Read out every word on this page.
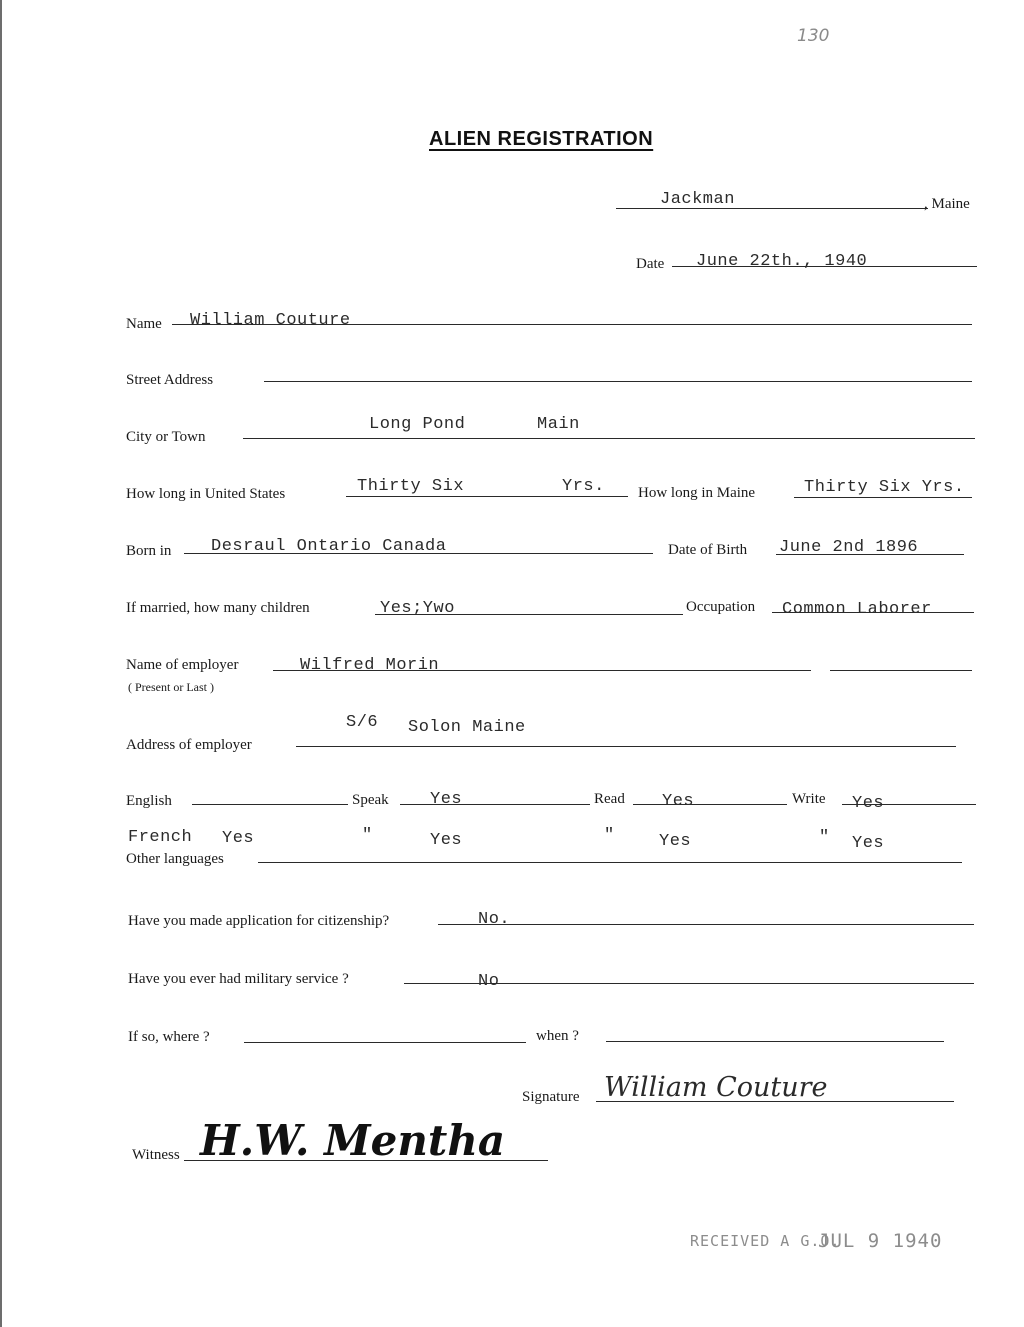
130
ALIEN REGISTRATION
Jackman	, Maine
Date June 22th., 1940
Name William Couture
Street Address
City or Town
Long Pond	Main
How long in United States	Thirty Six	Yrs. How long in Maine	Thirty Six Yrs.
Born in Desraul Ontario Canada	Date of Birth June 2nd 1896
If married, how many children	Yes;Ywo	Occupation Common Laborer
Name of employer	Wilfred Morin
( Present or Last )
Address of employer
S/6 Solon Maine
English	Speak Yes	Read Yes	Write Yes
French Yes	"	Yes	"	Yes	" Yes
Other languages
Have you made application for citizenship?	No.
Have you ever had military service ?	No
If so, where ?	when ?
Signature William Couture
Witness H.W. Mentha
RECEIVED A G.O.
JUL 9 1940
